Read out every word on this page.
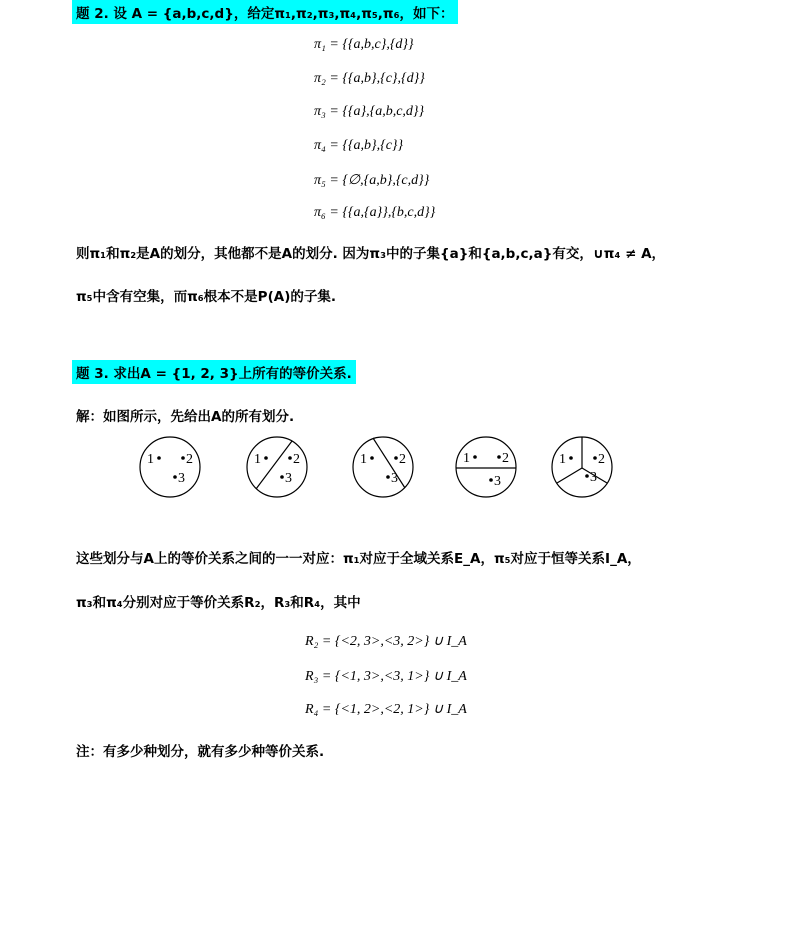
题 2. 设 A = {a,b,c,d}，给定π₁,π₂,π₃,π₄,π₅,π₆，如下：
π₁ = {{a,b,c},{d}}
π₂ = {{a,b},{c},{d}}
π₃ = {{a},{a,b,c,d}}
π₄ = {{a,b},{c}}
π₅ = {∅,{a,b},{c,d}}
π₆ = {{a,{a}},{b,c,d}}
则π₁和π₂是A的划分，其他都不是A的划分. 因为π₃中的子集{a}和{a,b,c,a}有交，∪π₄ ≠ A，
π₅中含有空集，而π₆根本不是P(A)的子集.
题 3. 求出A = {1, 2, 3}上所有的等价关系.
解：如图所示，先给出A的所有划分.
1 2
3
1 2
3
1 2
3
1 2
3
1 2
3
这些划分与A上的等价关系之间的一一对应：π₁对应于全域关系E_A，π₅对应于恒等关系I_A，
π₃和π₄分别对应于等价关系R₂，R₃和R₄，其中
R₂ = {<2, 3>,<3, 2>} ∪ I_A
R₃ = {<1, 3>,<3, 1>} ∪ I_A
R₄ = {<1, 2>,<2, 1>} ∪ I_A
注：有多少种划分，就有多少种等价关系.
